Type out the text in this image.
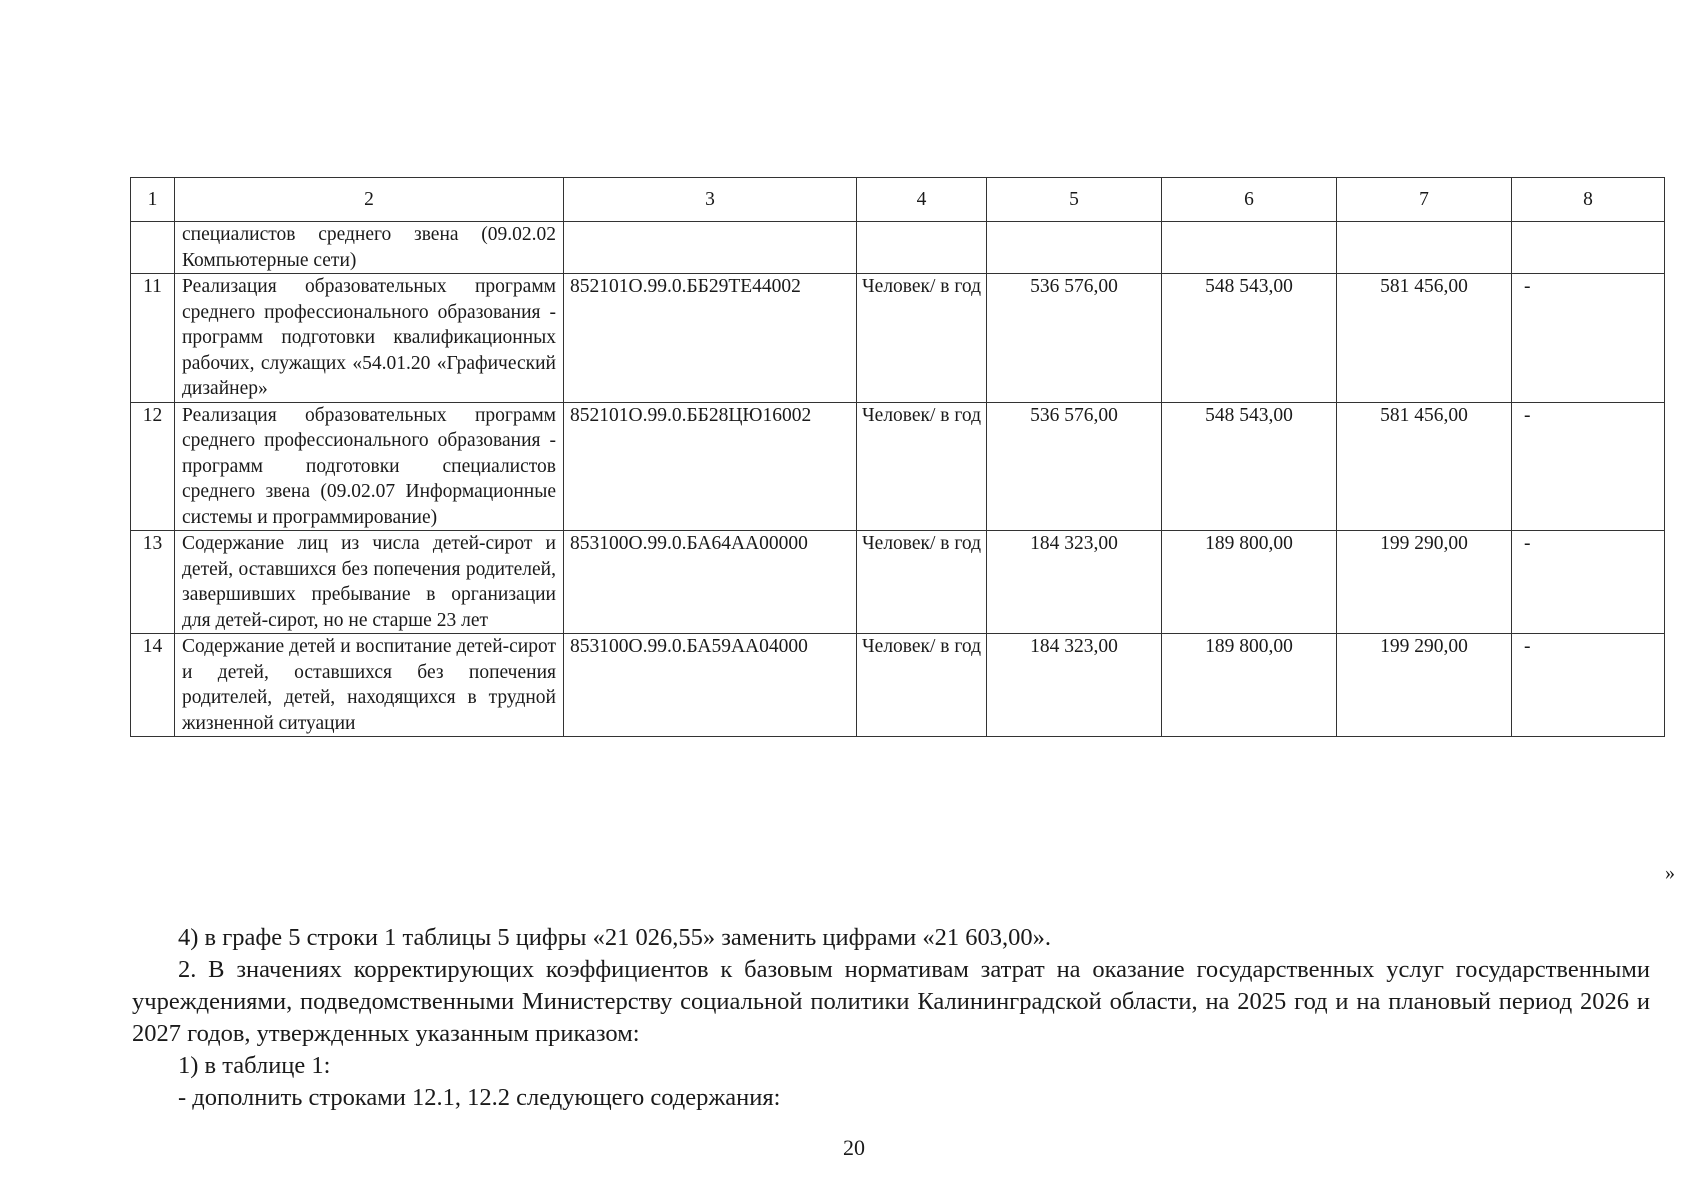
1	2	3	4	5	6	7	8
	специалистов среднего звена (09.02.02 Компьютерные сети)						
11	Реализация образовательных программ среднего профессионального образования - программ подготовки квалификационных рабочих, служащих «54.01.20 «Графический дизайнер»	852101О.99.0.ББ29ТЕ44002	Человек/ в год	536 576,00	548 543,00	581 456,00	-
12	Реализация образовательных программ среднего профессионального образования - программ подготовки специалистов среднего звена (09.02.07 Информационные системы и программирование)	852101О.99.0.ББ28ЦЮ16002	Человек/ в год	536 576,00	548 543,00	581 456,00	-
13	Содержание лиц из числа детей-сирот и детей, оставшихся без попечения родителей, завершивших пребывание в организации для детей-сирот, но не старше 23 лет	853100О.99.0.БА64АА00000	Человек/ в год	184 323,00	189 800,00	199 290,00	-
14	Содержание детей и воспитание детей-сирот и детей, оставшихся без попечения родителей, детей, находящихся в трудной жизненной ситуации	853100О.99.0.БА59АА04000	Человек/ в год	184 323,00	189 800,00	199 290,00	-
»

4) в графе 5 строки 1 таблицы 5 цифры «21 026,55» заменить цифрами «21 603,00».

2. В значениях корректирующих коэффициентов к базовым нормативам затрат на оказание государственных услуг государственными учреждениями, подведомственными Министерству социальной политики Калининградской области, на 2025 год и на плановый период 2026 и 2027 годов, утвержденных указанным приказом:

1) в таблице 1:

- дополнить строками 12.1, 12.2 следующего содержания:

20
